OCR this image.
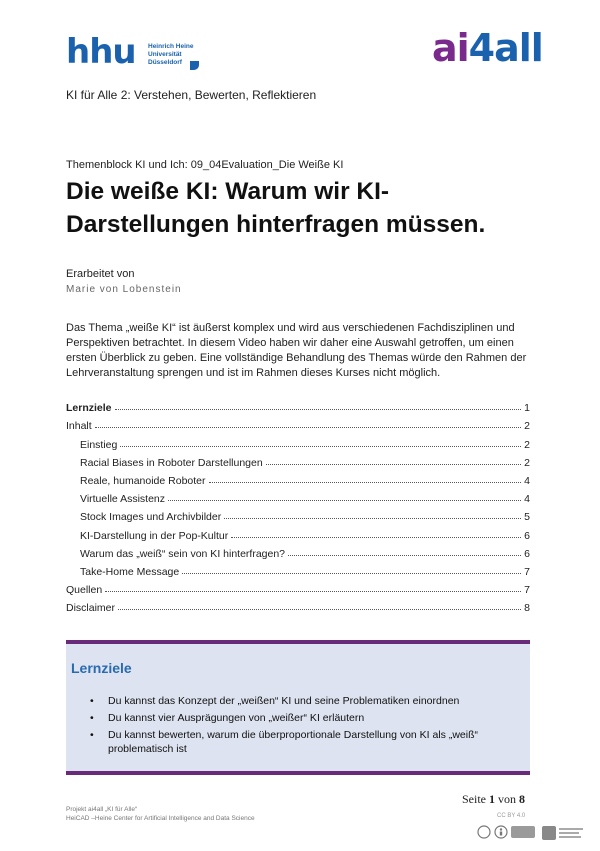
hhu Heinrich Heine
Universität
Düsseldorf	ai4all
KI für Alle 2: Verstehen, Bewerten, Reflektieren
Themenblock KI und Ich: 09_04Evaluation_Die Weiße KI
Die weiße KI: Warum wir KI-Darstellungen hinterfragen müssen.
Erarbeitet von
Marie von Lobenstein
Das Thema „weiße KI“ ist äußerst komplex und wird aus verschiedenen Fachdisziplinen und Perspektiven betrachtet. In diesem Video haben wir daher eine Auswahl getroffen, um einen ersten Überblick zu geben. Eine vollständige Behandlung des Themas würde den Rahmen der Lehrveranstaltung sprengen und ist im Rahmen dieses Kurses nicht möglich.
Lernziele	1
Inhalt	2
Einstieg	2
Racial Biases in Roboter Darstellungen	2
Reale, humanoide Roboter	4
Virtuelle Assistenz	4
Stock Images und Archivbilder	5
KI-Darstellung in der Pop-Kultur	6
Warum das „weiß“ sein von KI hinterfragen?	6
Take-Home Message	7
Quellen	7
Disclaimer	8
Lernziele
• Du kannst das Konzept der „weißen“ KI und seine Problematiken einordnen
• Du kannst vier Ausprägungen von „weißer“ KI erläutern
• Du kannst bewerten, warum die überproportionale Darstellung von KI als „weiß“ problematisch ist
Seite 1 von 8
Projekt ai4all „KI für Alle“
HeiCAD –Heine Center for Artificial Intelligence and Data Science	CC BY 4.0
